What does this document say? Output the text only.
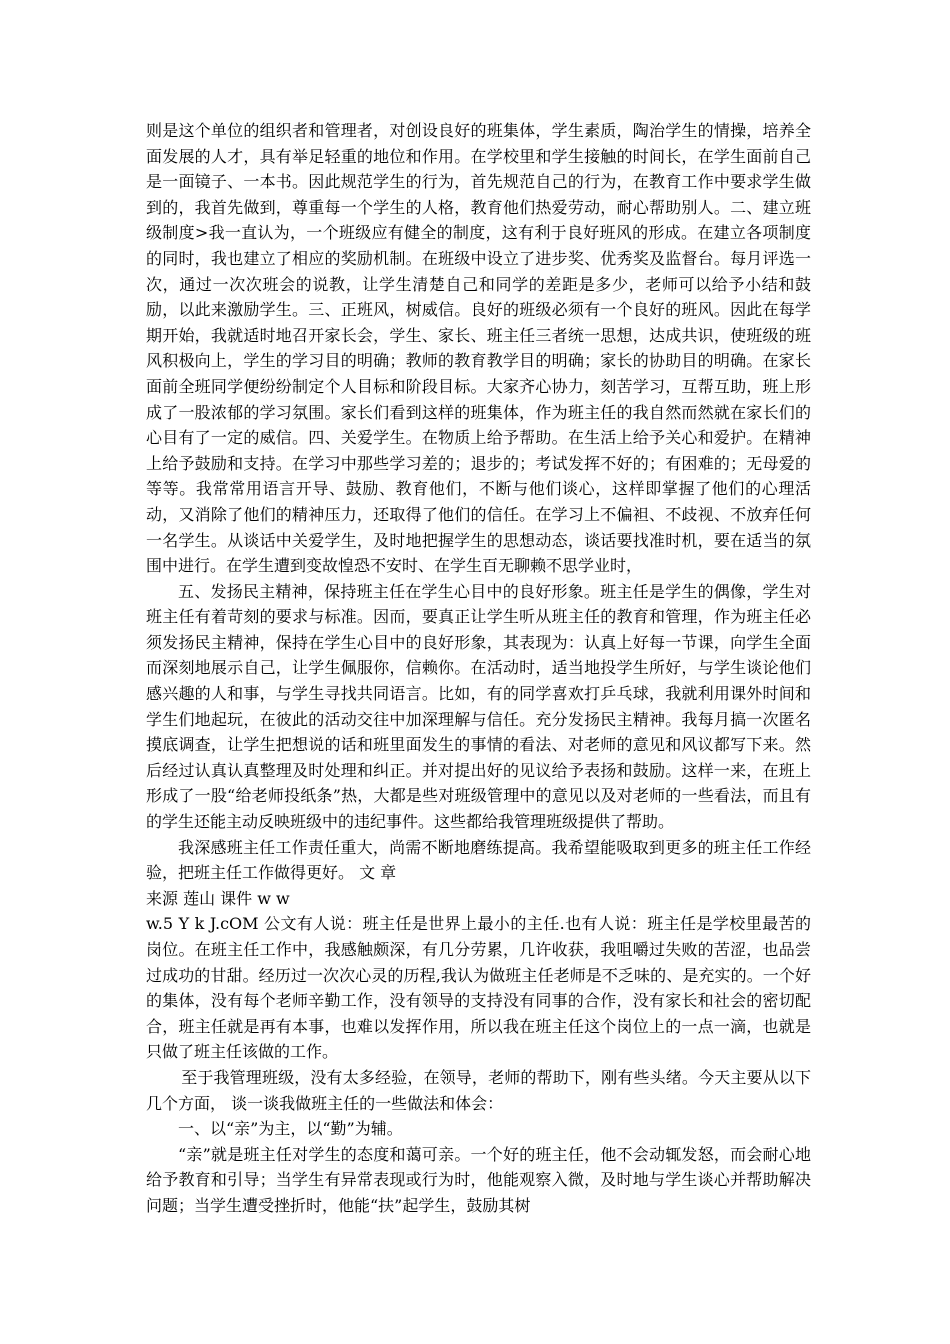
则是这个单位的组织者和管理者，对创设良好的班集体，学生素质，陶治学生的情操，培养全面发展的人才，具有举足轻重的地位和作用。在学校里和学生接触的时间长，在学生面前自己是一面镜子、一本书。因此规范学生的行为，首先规范自己的行为，在教育工作中要求学生做到的，我首先做到，尊重每一个学生的人格，教育他们热爱劳动，耐心帮助别人。二、建立班级制度>我一直认为，一个班级应有健全的制度，这有利于良好班风的形成。在建立各项制度的同时，我也建立了相应的奖励机制。在班级中设立了进步奖、优秀奖及监督台。每月评选一次，通过一次次班会的说教，让学生清楚自己和同学的差距是多少，老师可以给予小结和鼓励，以此来激励学生。三、正班风，树威信。良好的班级必须有一个良好的班风。因此在每学期开始，我就适时地召开家长会，学生、家长、班主任三者统一思想，达成共识，使班级的班风积极向上，学生的学习目的明确；教师的教育教学目的明确；家长的协助目的明确。在家长面前全班同学便纷纷制定个人目标和阶段目标。大家齐心协力，刻苦学习，互帮互助，班上形成了一股浓郁的学习氛围。家长们看到这样的班集体，作为班主任的我自然而然就在家长们的心目有了一定的威信。四、关爱学生。在物质上给予帮助。在生活上给予关心和爱护。在精神上给予鼓励和支持。在学习中那些学习差的；退步的；考试发挥不好的；有困难的；无母爱的等等。我常常用语言开导、鼓励、教育他们，不断与他们谈心，这样即掌握了他们的心理活动，又消除了他们的精神压力，还取得了他们的信任。在学习上不偏袒、不歧视、不放弃任何一名学生。从谈话中关爱学生，及时地把握学生的思想动态，谈话要找准时机，要在适当的氛围中进行。在学生遭到变故惶恐不安时、在学生百无聊赖不思学业时，

五、发扬民主精神，保持班主任在学生心目中的良好形象。班主任是学生的偶像，学生对班主任有着苛刻的要求与标准。因而，要真正让学生听从班主任的教育和管理，作为班主任必须发扬民主精神，保持在学生心目中的良好形象，其表现为：认真上好每一节课，向学生全面而深刻地展示自己，让学生佩服你，信赖你。在活动时，适当地投学生所好，与学生谈论他们感兴趣的人和事，与学生寻找共同语言。比如，有的同学喜欢打乒乓球，我就利用课外时间和学生们地起玩，在彼此的活动交往中加深理解与信任。充分发扬民主精神。我每月搞一次匿名摸底调查，让学生把想说的话和班里面发生的事情的看法、对老师的意见和风议都写下来。然后经过认真认真整理及时处理和纠正。并对提出好的见议给予表扬和鼓励。这样一来，在班上形成了一股“给老师投纸条”热，大都是些对班级管理中的意见以及对老师的一些看法，而且有的学生还能主动反映班级中的违纪事件。这些都给我管理班级提供了帮助。

我深感班主任工作责任重大，尚需不断地磨练提高。我希望能吸取到更多的班主任工作经验，把班主任工作做得更好。 文 章

来源 莲山 课件 w w

w.5 Y k J.cOM 公文有人说：班主任是世界上最小的主任.也有人说：班主任是学校里最苦的岗位。在班主任工作中，我感触颇深，有几分劳累，几许收获，我咀嚼过失败的苦涩，也品尝过成功的甘甜。经历过一次次心灵的历程,我认为做班主任老师是不乏味的、是充实的。一个好的集体，没有每个老师辛勤工作，没有领导的支持没有同事的合作，没有家长和社会的密切配合，班主任就是再有本事，也难以发挥作用，所以我在班主任这个岗位上的一点一滴，也就是只做了班主任该做的工作。

至于我管理班级，没有太多经验，在领导，老师的帮助下，刚有些头绪。今天主要从以下几个方面， 谈一谈我做班主任的一些做法和体会：

一、以“亲”为主，以“勤”为辅。

“亲”就是班主任对学生的态度和蔼可亲。一个好的班主任，他不会动辄发怒，而会耐心地给予教育和引导；当学生有异常表现或行为时，他能观察入微，及时地与学生谈心并帮助解决问题；当学生遭受挫折时，他能“扶”起学生，鼓励其树
